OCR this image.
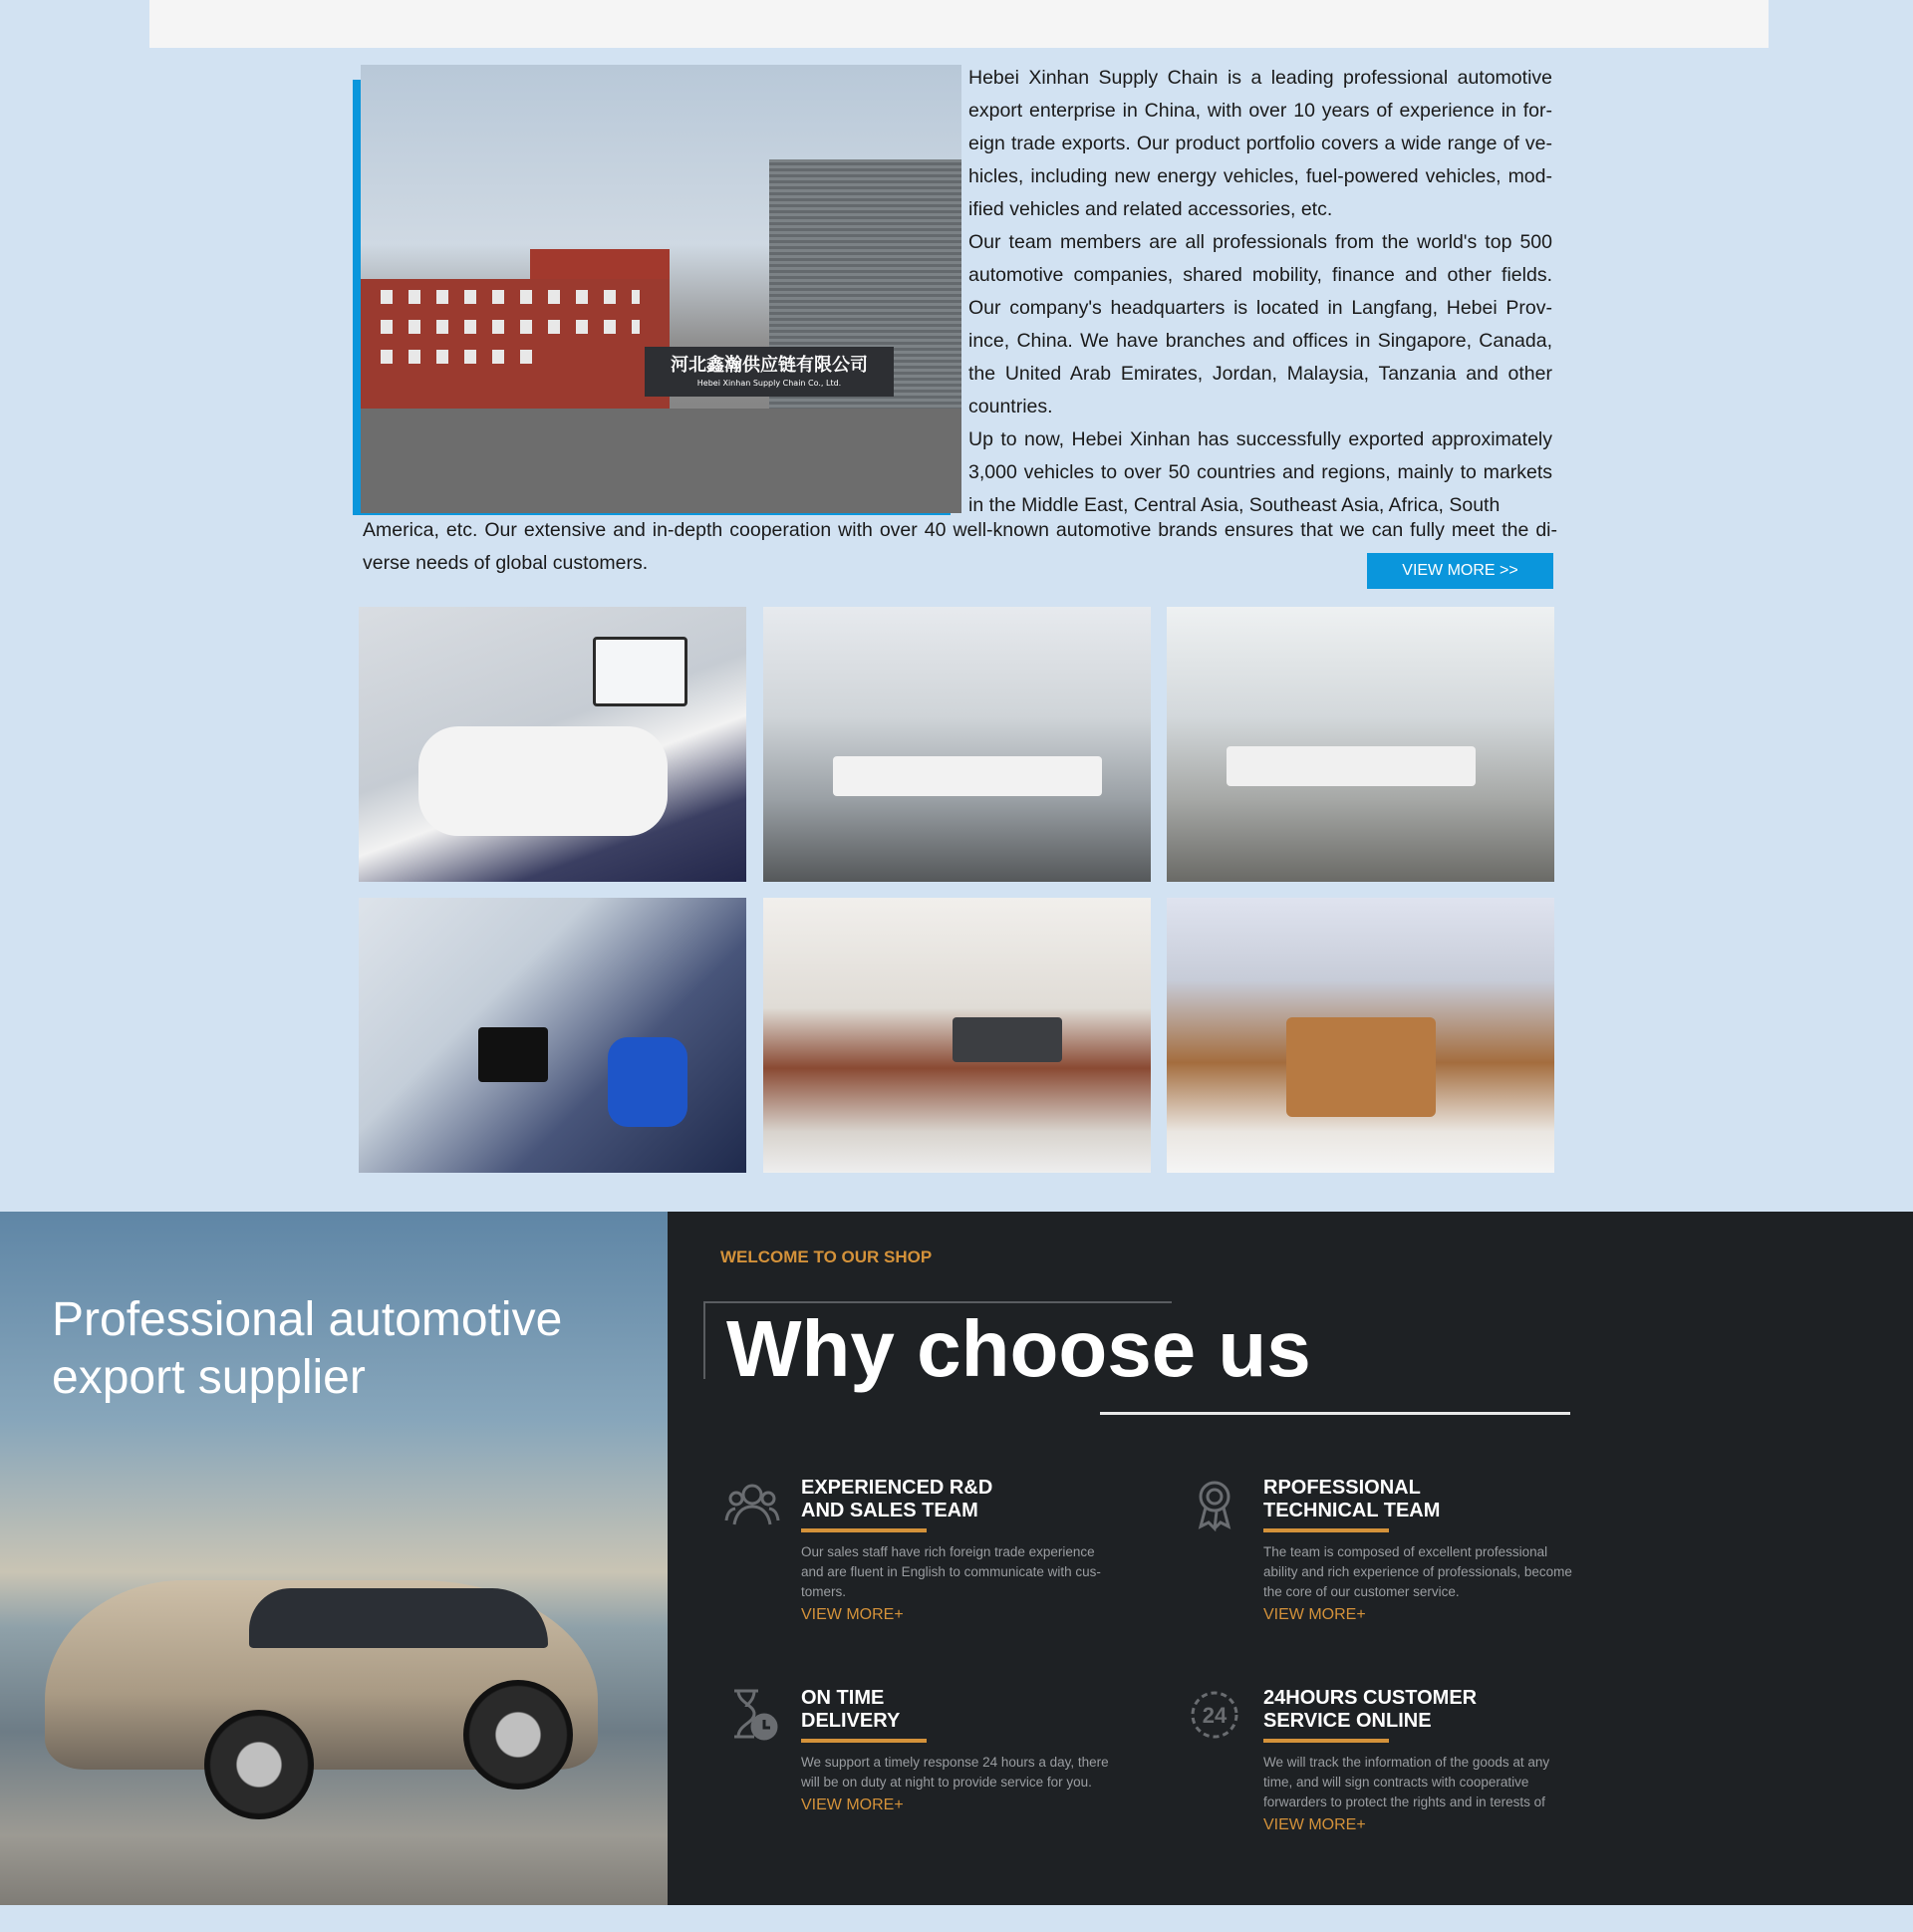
河北鑫瀚供应链有限公司
Hebei Xinhan Supply Chain Co., Ltd.

Hebei Xinhan Supply Chain is a leading professional automotive export enterprise in China, with over 10 years of experience in for-eign trade exports. Our product portfolio covers a wide range of ve-hicles, including new energy vehicles, fuel-powered vehicles, mod-ified vehicles and related accessories, etc.

Our team members are all professionals from the world's top 500 automotive companies, shared mobility, finance and other fields. Our company's headquarters is located in Langfang, Hebei Prov-ince, China. We have branches and offices in Singapore, Canada, the United Arab Emirates, Jordan, Malaysia, Tanzania and other countries.

Up to now, Hebei Xinhan has successfully exported approximately 3,000 vehicles to over 50 countries and regions, mainly to markets in the Middle East, Central Asia, Southeast Asia, Africa, South

America, etc. Our extensive and in-depth cooperation with over 40 well-known automotive brands ensures that we can fully meet the di-verse needs of global customers.	VIEW MORE >>
Professional automotive
export supplier
WELCOME TO OUR SHOP
Why choose us
EXPERIENCED R&D
AND SALES TEAM

Our sales staff have rich foreign trade experience and are fluent in English to communicate with cus-tomers.

VIEW MORE+
RPOFESSIONAL
TECHNICAL TEAM

The team is composed of excellent professional ability and rich experience of professionals, become the core of our customer service.

VIEW MORE+
ON TIME
DELIVERY

We support a timely response 24 hours a day, there will be on duty at night to provide service for you.

VIEW MORE+
24
24HOURS CUSTOMER
SERVICE ONLINE

We will track the information of the goods at any time, and will sign contracts with cooperative forwarders to protect the rights and in terests of

VIEW MORE+
